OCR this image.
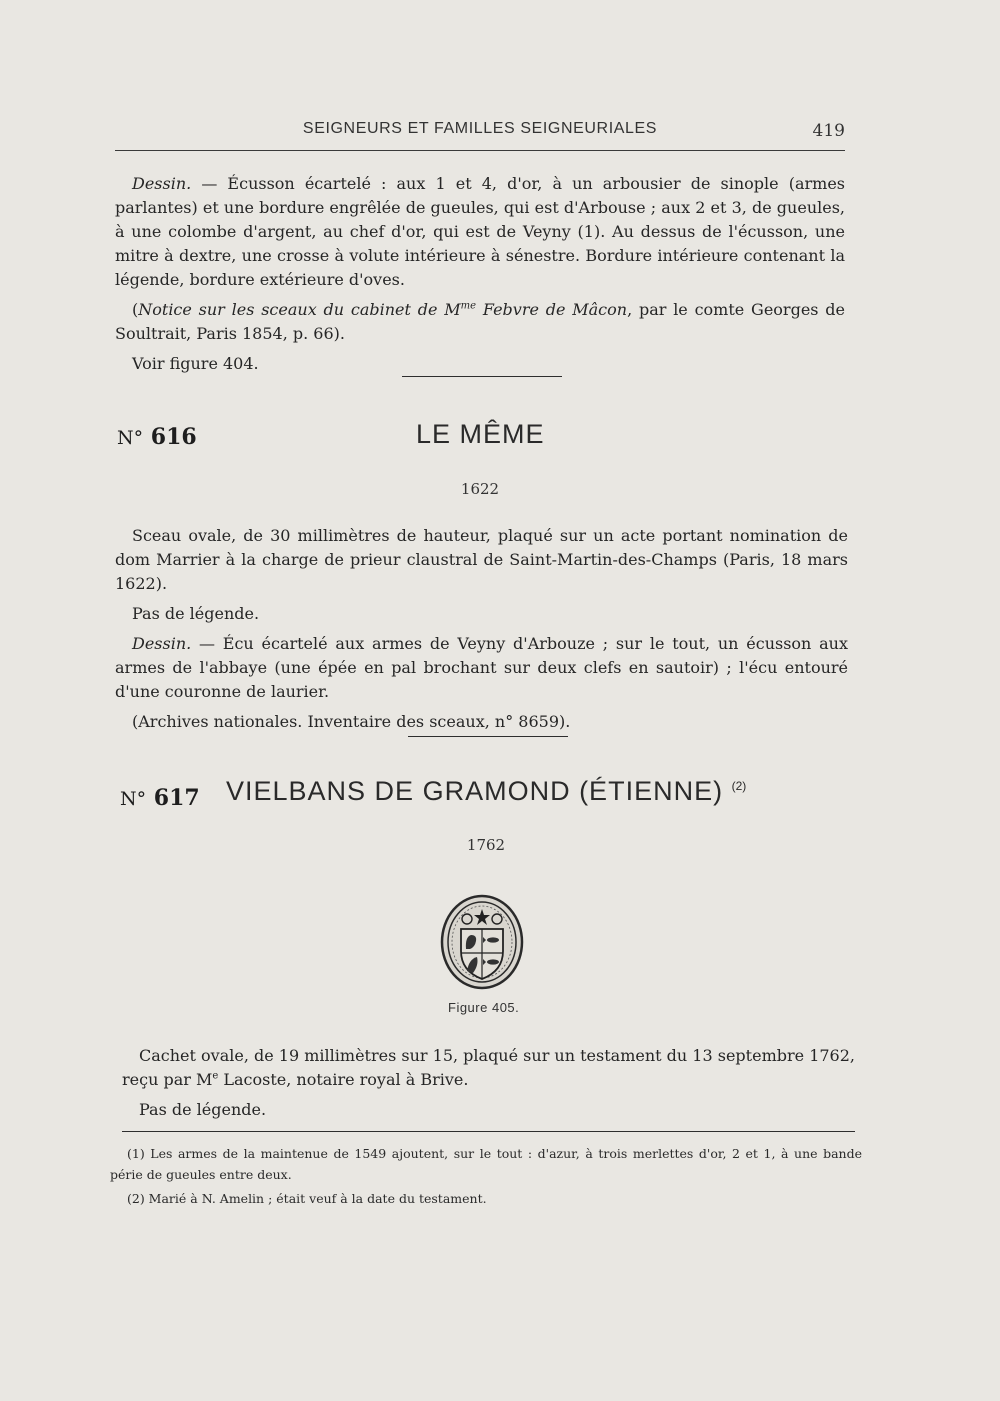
SEIGNEURS ET FAMILLES SEIGNEURIALES	419

Dessin. — Écusson écartelé : aux 1 et 4, d'or, à un arbousier de sinople (armes parlantes) et une bordure engrêlée de gueules, qui est d'Arbouse ; aux 2 et 3, de gueules, à une colombe d'argent, au chef d'or, qui est de Veyny (1). Au dessus de l'écusson, une mitre à dextre, une crosse à volute intérieure à sénestre. Bordure intérieure contenant la légende, bordure extérieure d'oves.

(Notice sur les sceaux du cabinet de $M^{me}$ Febvre de Mâcon, par le comte Georges de Soultrait, Paris 1854, p. 66).

Voir figure 404.

N° 616	LE MÊME
1622

Sceau ovale, de 30 millimètres de hauteur, plaqué sur un acte portant nomination de dom Marrier à la charge de prieur claustral de Saint-Martin-des-Champs (Paris, 18 mars 1622).

Pas de légende.

Dessin. — Écu écartelé aux armes de Veyny d'Arbouze ; sur le tout, un écusson aux armes de l'abbaye (une épée en pal brochant sur deux clefs en sautoir) ; l'écu entouré d'une couronne de laurier.

(Archives nationales. Inventaire des sceaux, n° 8659).

N° 617 VIELBANS DE GRAMOND (ÉTIENNE) $^{(2)}$
1762
Figure 405.

Cachet ovale, de 19 millimètres sur 15, plaqué sur un testament du 13 septembre 1762, reçu par Me Lacoste, notaire royal à Brive.

Pas de légende.

(1) Les armes de la maintenue de 1549 ajoutent, sur le tout : d'azur, à trois merlettes d'or, 2 et 1, à une bande périe de gueules entre deux.

(2) Marié à N. Amelin ; était veuf à la date du testament.
